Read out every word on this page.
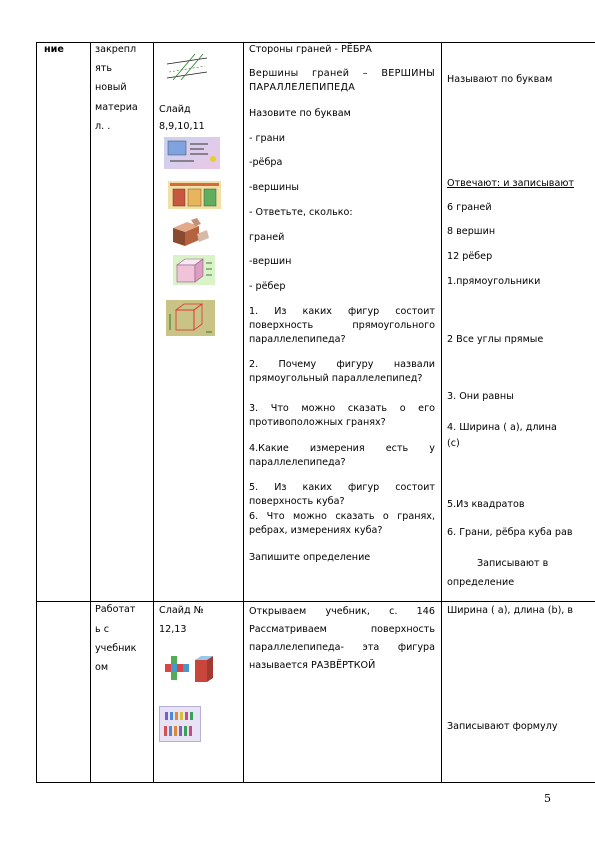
ние	закрепл
ять
новый
материа
л. .
Слайд
8,9,10,11
Стороны граней - РЁБРА
Вершины граней – ВЕРШИНЫ ПАРАЛЛЕЛЕПИПЕДА
Назовите по буквам
- грани
-рёбра
-вершины
- Ответьте, сколько:
граней
-вершин
- рёбер
1. Из каких фигур состоит поверхность прямоугольного параллелепипеда?
2. Почему фигуру назвали прямоугольный параллелепипед?
3. Что можно сказать о его противоположных гранях?
4.Какие измерения есть у параллелепипеда?
5. Из каких фигур состоит поверхность куба?
6. Что можно сказать о гранях, ребрах, измерениях куба?
Запишите определение
Называют по буквам
Отвечают: и записывают
6 граней
8 вершин
12 рёбер
1.прямоугольники
2 Все углы прямые
3. Они равны
4. Ширина ( а), длина
(с)
5.Из квадратов
6. Грани, рёбра куба рав
Записывают в
определение
Работат
ь с
учебник
ом
Слайд №
12,13
Открываем учебник, с. 146 Рассматриваем поверхность параллелепипеда- эта фигура называется РАЗВЁРТКОЙ
Ширина ( а), длина (b), в
Записывают формулу
5
